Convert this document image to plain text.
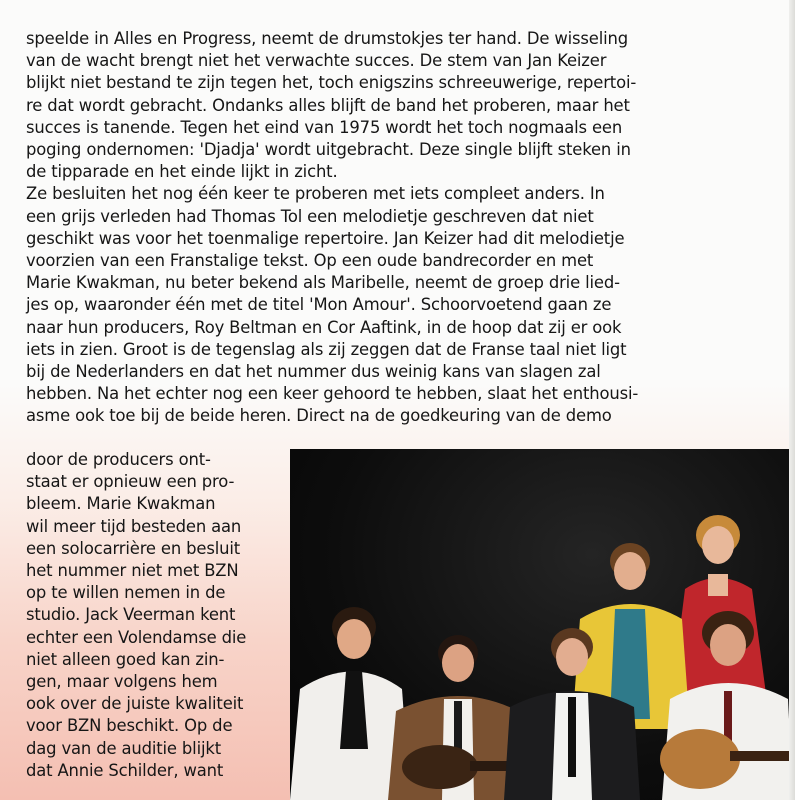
speelde in Alles en Progress, neemt de drumstokjes ter hand. De wisseling
van de wacht brengt niet het verwachte succes. De stem van Jan Keizer
blijkt niet bestand te zijn tegen het, toch enigszins schreeuwerige, repertoi-
re dat wordt gebracht. Ondanks alles blijft de band het proberen, maar het
succes is tanende. Tegen het eind van 1975 wordt het toch nogmaals een
poging ondernomen: 'Djadja' wordt uitgebracht. Deze single blijft steken in
de tipparade en het einde lijkt in zicht.
Ze besluiten het nog één keer te proberen met iets compleet anders. In
een grijs verleden had Thomas Tol een melodietje geschreven dat niet
geschikt was voor het toenmalige repertoire. Jan Keizer had dit melodietje
voorzien van een Franstalige tekst. Op een oude bandrecorder en met
Marie Kwakman, nu beter bekend als Maribelle, neemt de groep drie lied-
jes op, waaronder één met de titel 'Mon Amour'. Schoorvoetend gaan ze
naar hun producers, Roy Beltman en Cor Aaftink, in de hoop dat zij er ook
iets in zien. Groot is de tegenslag als zij zeggen dat de Franse taal niet ligt
bij de Nederlanders en dat het nummer dus weinig kans van slagen zal
hebben. Na het echter nog een keer gehoord te hebben, slaat het enthousi-
asme ook toe bij de beide heren. Direct na de goedkeuring van de demo
door de producers ont-
staat er opnieuw een pro-
bleem. Marie Kwakman
wil meer tijd besteden aan
een solocarrière en besluit
het nummer niet met BZN
op te willen nemen in de
studio. Jack Veerman kent
echter een Volendamse die
niet alleen goed kan zin-
gen, maar volgens hem
ook over de juiste kwaliteit
voor BZN beschikt. Op de
dag van de auditie blijkt
dat Annie Schilder, want
